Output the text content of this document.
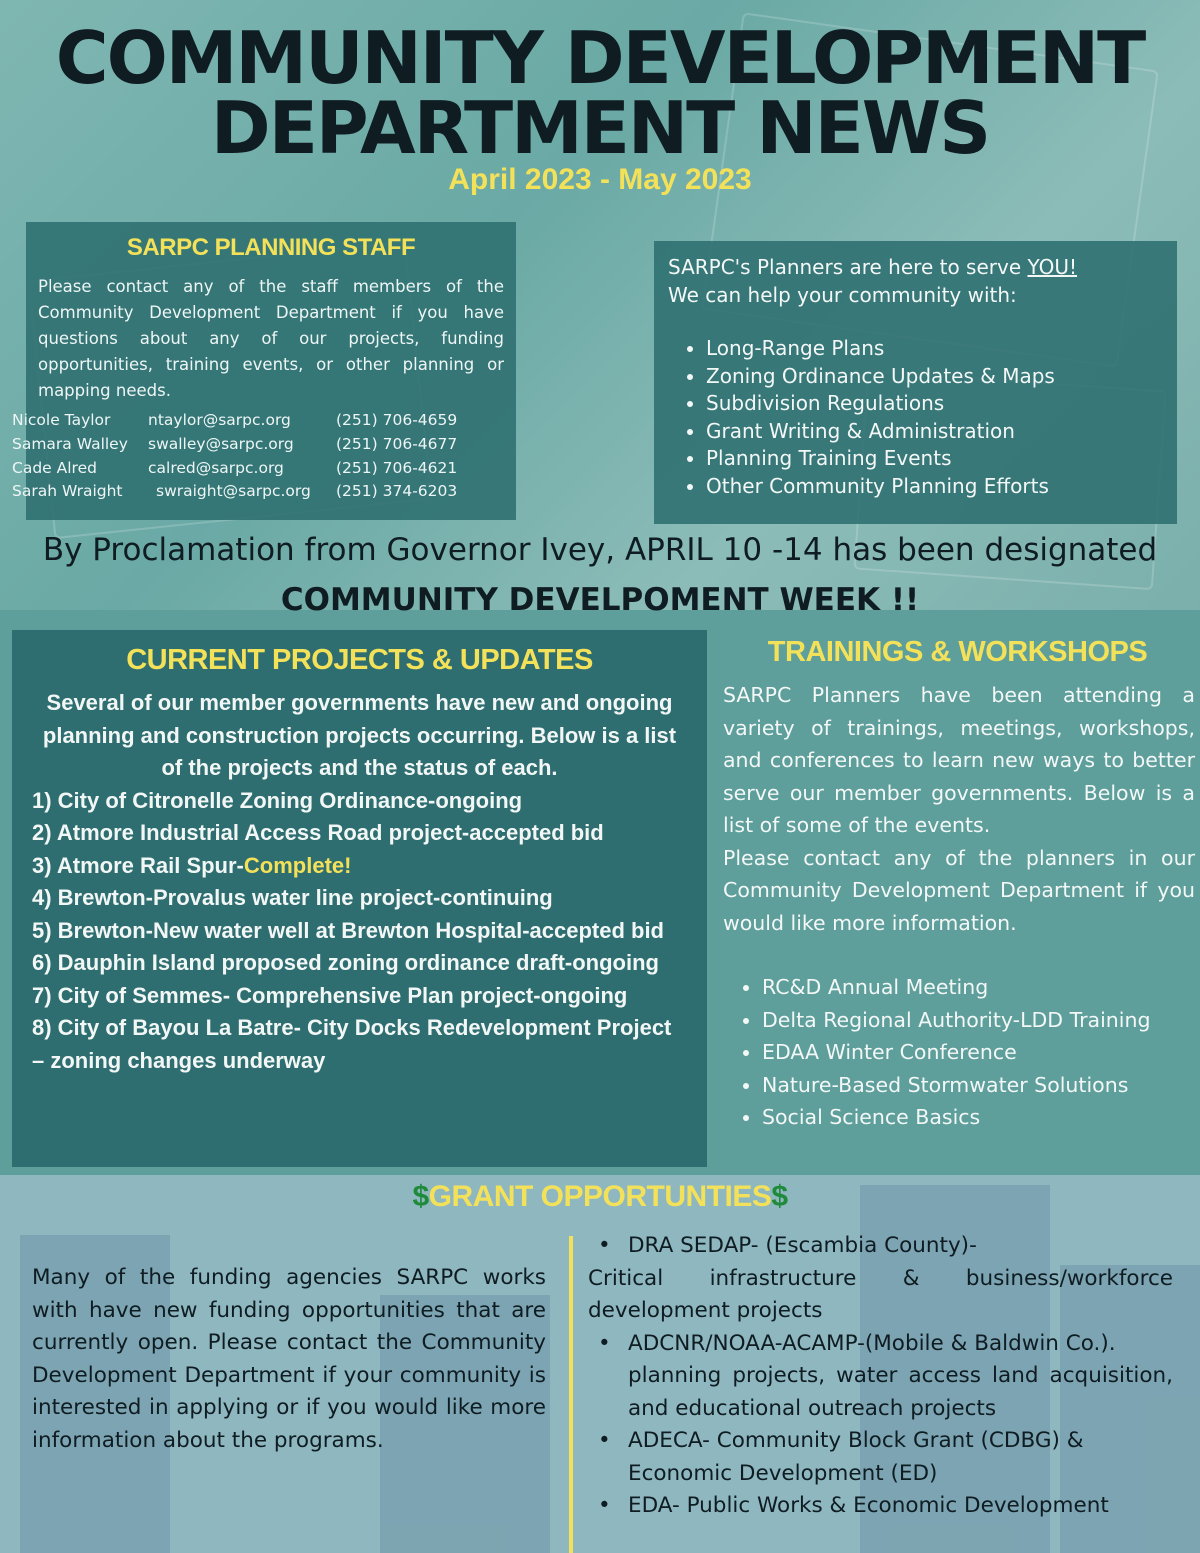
COMMUNITY DEVELOPMENT
DEPARTMENT NEWS
April 2023 - May 2023
SARPC PLANNING STAFF

Please contact any of the staff members of the Community Development Department if you have questions about any of our projects, funding opportunities, training events, or other planning or mapping needs.

Nicole Taylor ntaylor@sarpc.org	(251) 706-4659
Samara Walley swalley@sarpc.org	(251) 706-4677
Cade Alred	calred@sarpc.org	(251) 706-4621
Sarah Wraight swraight@sarpc.org (251) 374-6203
SARPC's Planners are here to serve YOU!
We can help your community with:
• Long-Range Plans
• Zoning Ordinance Updates & Maps
• Subdivision Regulations
• Grant Writing & Administration
• Planning Training Events
• Other Community Planning Efforts
By Proclamation from Governor Ivey, APRIL 10 -14 has been designated
COMMUNITY DEVELPOMENT WEEK !!
CURRENT PROJECTS & UPDATES

Several of our member governments have new and ongoing planning and construction projects occurring. Below is a list of the projects and the status of each.

1) City of Citronelle Zoning Ordinance-ongoing
2) Atmore Industrial Access Road project-accepted bid
3) Atmore Rail Spur-Complete!
4) Brewton-Provalus water line project-continuing
5) Brewton-New water well at Brewton Hospital-accepted bid
6) Dauphin Island proposed zoning ordinance draft-ongoing
7) City of Semmes- Comprehensive Plan project-ongoing
8) City of Bayou La Batre- City Docks Redevelopment Project – zoning changes underway
TRAININGS & WORKSHOPS

SARPC Planners have been attending a variety of trainings, meetings, workshops, and conferences to learn new ways to better serve our member governments. Below is a list of some of the events.

Please contact any of the planners in our Community Development Department if you would like more information.

• RC&D Annual Meeting
• Delta Regional Authority-LDD Training
• EDAA Winter Conference
• Nature-Based Stormwater Solutions
• Social Science Basics
$GRANT OPPORTUNTIES$

Many of the funding agencies SARPC works with have new funding opportunities that are currently open. Please contact the Community Development Department if your community is interested in applying or if you would like more information about the programs.

• DRA SEDAP- (Escambia County)-
Critical infrastructure & business/workforce development projects
• ADCNR/NOAA-ACAMP-(Mobile & Baldwin Co.).
planning projects, water access land acquisition, and educational outreach projects
• ADECA- Community Block Grant (CDBG) &
Economic Development (ED)
• EDA- Public Works & Economic Development
